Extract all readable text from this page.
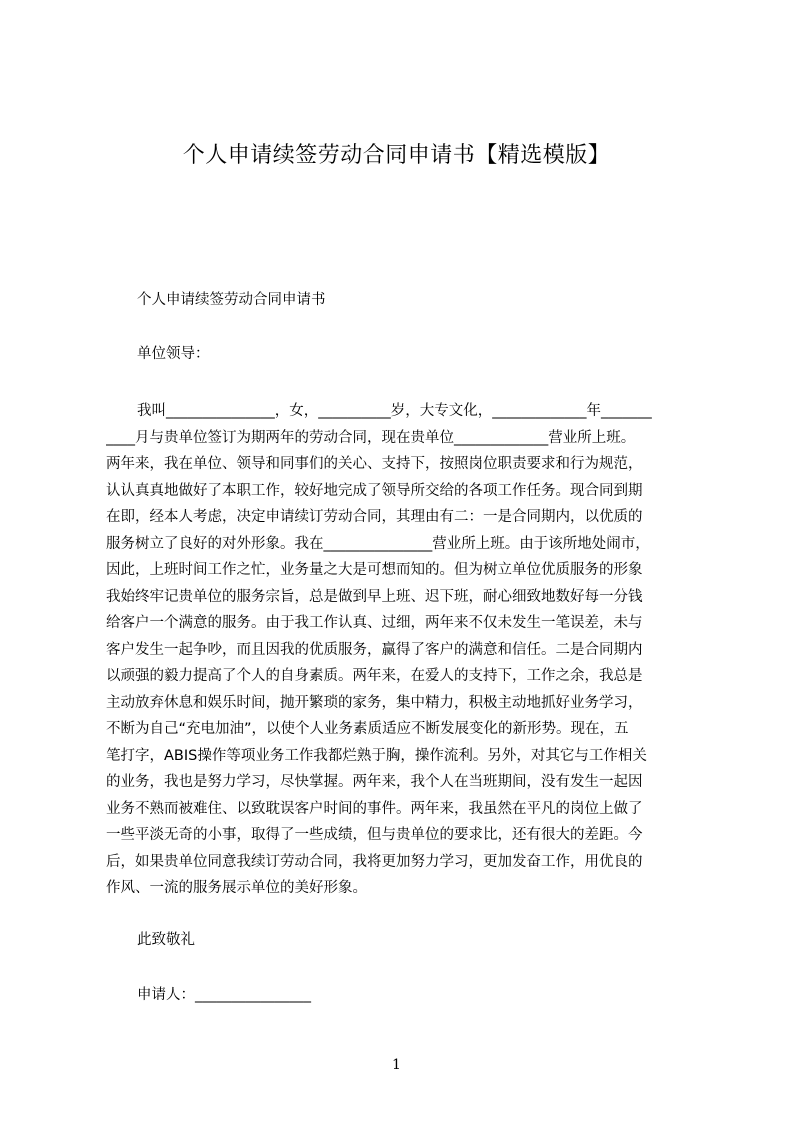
个人申请续签劳动合同申请书【精选模版】
个人申请续签劳动合同申请书
单位领导：
我叫_______________，女，__________岁，大专文化，_____________年_______
____月与贵单位签订为期两年的劳动合同，现在贵单位_____________营业所上班。
两年来，我在单位、领导和同事们的关心、支持下，按照岗位职责要求和行为规范，
认认真真地做好了本职工作，较好地完成了领导所交给的各项工作任务。现合同到期
在即，经本人考虑，决定申请续订劳动合同，其理由有二：一是合同期内，以优质的
服务树立了良好的对外形象。我在_______________营业所上班。由于该所地处闹市，
因此，上班时间工作之忙，业务量之大是可想而知的。但为树立单位优质服务的形象
我始终牢记贵单位的服务宗旨，总是做到早上班、迟下班，耐心细致地数好每一分钱
给客户一个满意的服务。由于我工作认真、过细，两年来不仅未发生一笔误差，未与
客户发生一起争吵，而且因我的优质服务，赢得了客户的满意和信任。二是合同期内
以顽强的毅力提高了个人的自身素质。两年来，在爱人的支持下，工作之余，我总是
主动放弃休息和娱乐时间，抛开繁琐的家务，集中精力，积极主动地抓好业务学习，
不断为自己“充电加油”，以使个人业务素质适应不断发展变化的新形势。现在，五
笔打字，ABIS操作等项业务工作我都烂熟于胸，操作流利。另外，对其它与工作相关
的业务，我也是努力学习，尽快掌握。两年来，我个人在当班期间，没有发生一起因
业务不熟而被难住、以致耽误客户时间的事件。两年来，我虽然在平凡的岗位上做了
一些平淡无奇的小事，取得了一些成绩，但与贵单位的要求比，还有很大的差距。今
后，如果贵单位同意我续订劳动合同，我将更加努力学习，更加发奋工作，用优良的
作风、一流的服务展示单位的美好形象。
此致敬礼
申请人：________________
1
